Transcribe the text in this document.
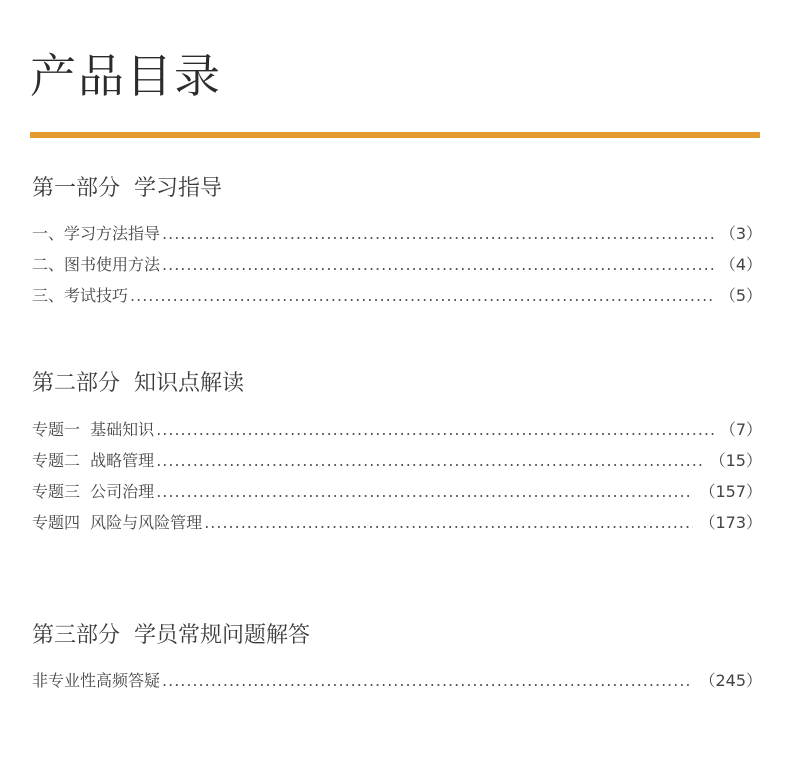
产品目录
第一部分  学习指导
一、学习方法指导 .....	（3）
二、图书使用方法 .....	（4）
三、考试技巧 .....	（5）
第二部分  知识点解读
专题一  基础知识 .....	（7）
专题二  战略管理 .....	（15）
专题三  公司治理 .....	（157）
专题四  风险与风险管理 .....	（173）
第三部分  学员常规问题解答
非专业性高频答疑 .....	（245）
